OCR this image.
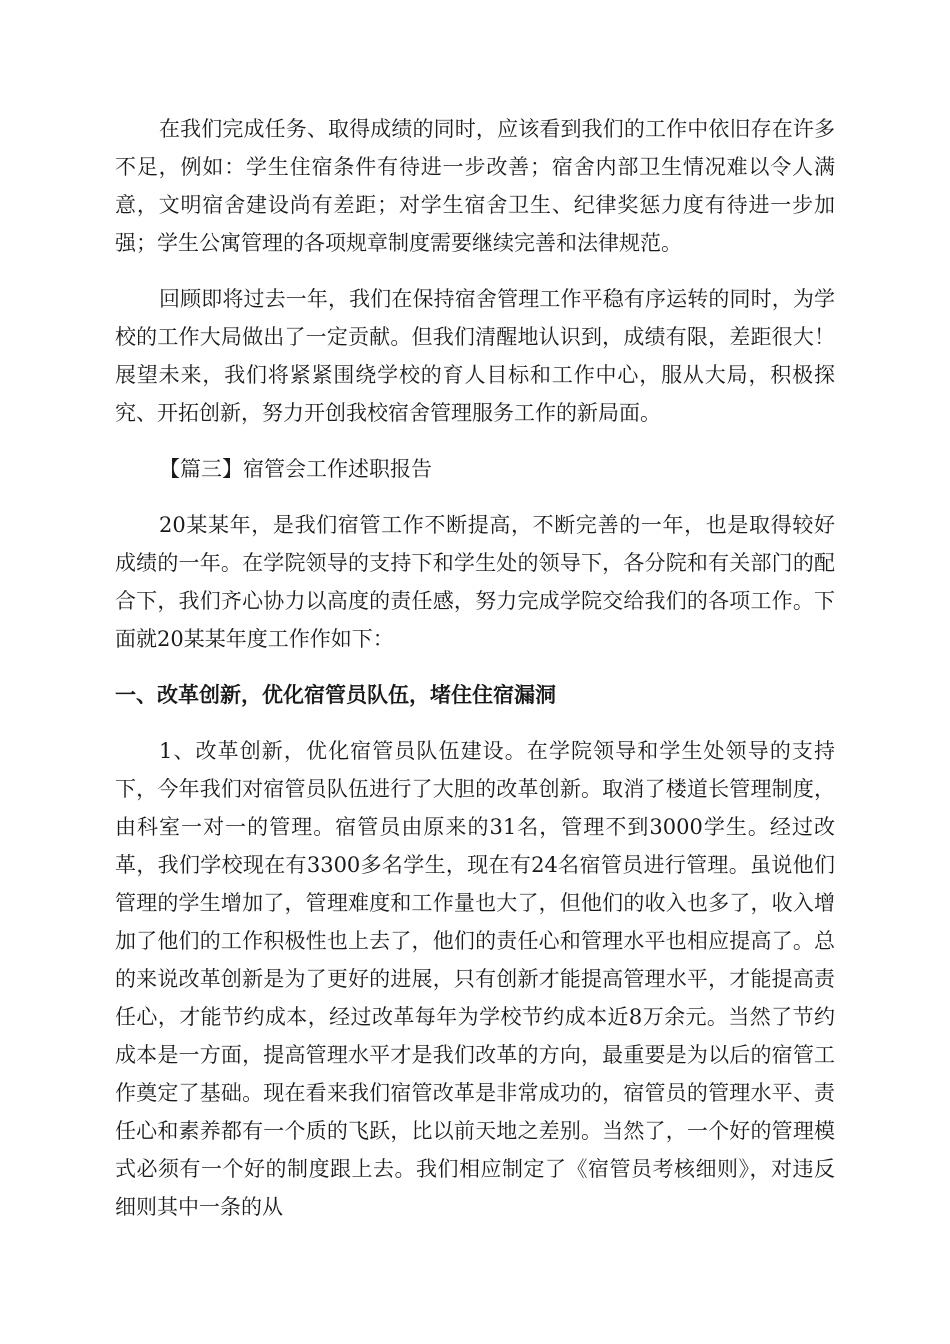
在我们完成任务、取得成绩的同时，应该看到我们的工作中依旧存在许多不足，例如：学生住宿条件有待进一步改善；宿舍内部卫生情况难以令人满意，文明宿舍建设尚有差距；对学生宿舍卫生、纪律奖惩力度有待进一步加强；学生公寓管理的各项规章制度需要继续完善和法律规范。

回顾即将过去一年，我们在保持宿舍管理工作平稳有序运转的同时，为学校的工作大局做出了一定贡献。但我们清醒地认识到，成绩有限，差距很大！展望未来，我们将紧紧围绕学校的育人目标和工作中心，服从大局，积极探究、开拓创新，努力开创我校宿舍管理服务工作的新局面。

【篇三】宿管会工作述职报告

20某某年，是我们宿管工作不断提高，不断完善的一年，也是取得较好成绩的一年。在学院领导的支持下和学生处的领导下，各分院和有关部门的配合下，我们齐心协力以高度的责任感，努力完成学院交给我们的各项工作。下面就20某某年度工作作如下：

一、改革创新，优化宿管员队伍，堵住住宿漏洞

1、改革创新，优化宿管员队伍建设。在学院领导和学生处领导的支持下，今年我们对宿管员队伍进行了大胆的改革创新。取消了楼道长管理制度，由科室一对一的管理。宿管员由原来的31名，管理不到3000学生。经过改革，我们学校现在有3300多名学生，现在有24名宿管员进行管理。虽说他们管理的学生增加了，管理难度和工作量也大了，但他们的收入也多了，收入增加了他们的工作积极性也上去了，他们的责任心和管理水平也相应提高了。总的来说改革创新是为了更好的进展，只有创新才能提高管理水平，才能提高责任心，才能节约成本，经过改革每年为学校节约成本近8万余元。当然了节约成本是一方面，提高管理水平才是我们改革的方向，最重要是为以后的宿管工作奠定了基础。现在看来我们宿管改革是非常成功的，宿管员的管理水平、责任心和素养都有一个质的飞跃，比以前天地之差别。当然了，一个好的管理模式必须有一个好的制度跟上去。我们相应制定了《宿管员考核细则》，对违反细则其中一条的从
